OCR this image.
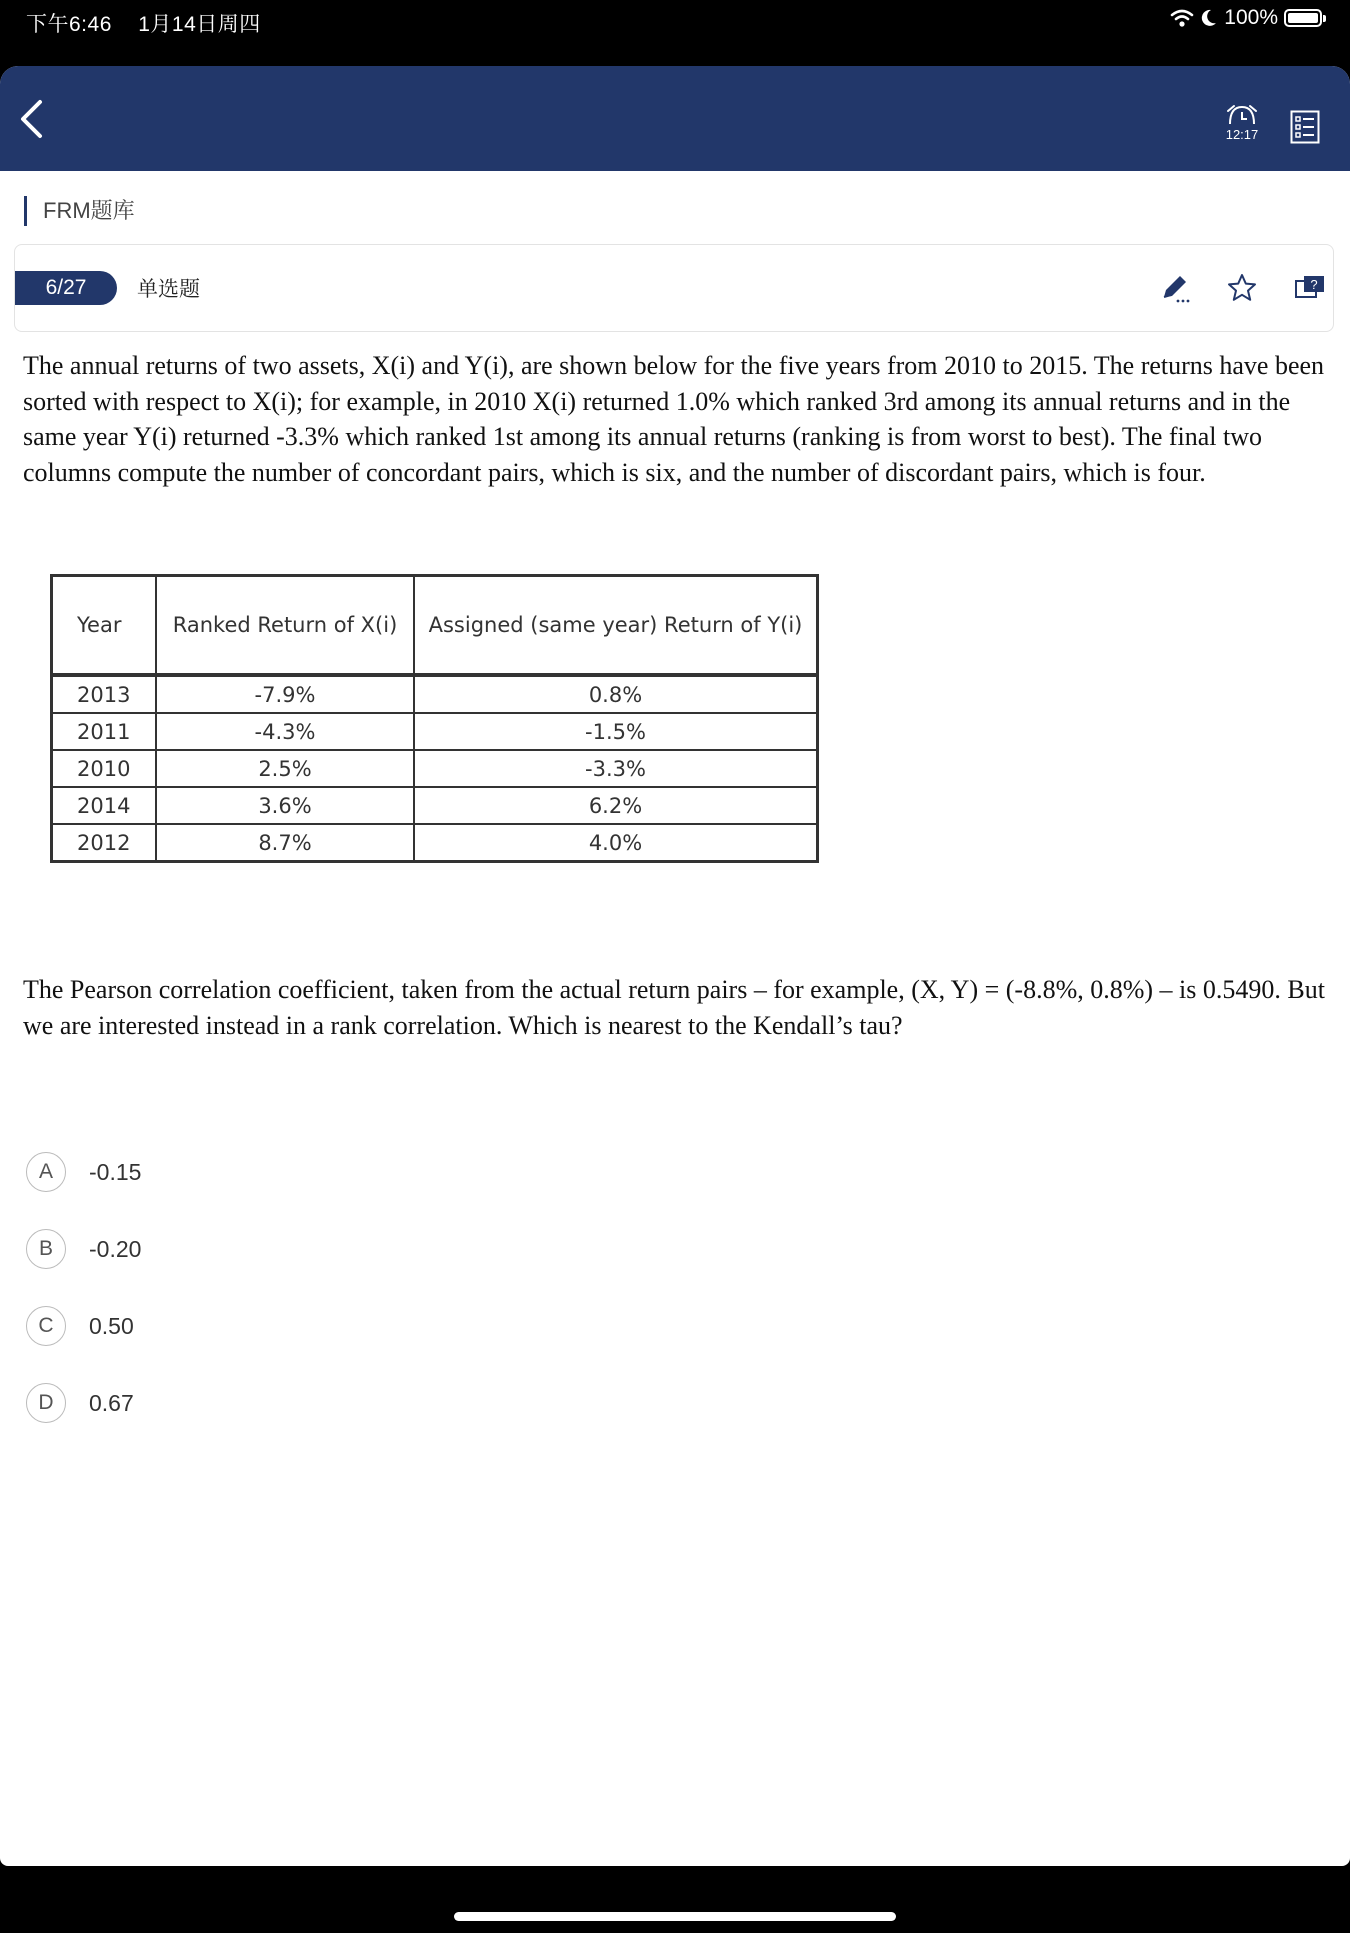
下午6:46 1月14日周四	100%
12:17
FRM题库
6/27	单选题	?

The annual returns of two assets, X(i) and Y(i), are shown below for the five years from 2010 to 2015. The returns have been sorted with respect to X(i); for example, in 2010 X(i) returned 1.0% which ranked 3rd among its annual returns and in the same year Y(i) returned -3.3% which ranked 1st among its annual returns (ranking is from worst to best). The final two columns compute the number of concordant pairs, which is six, and the number of discordant pairs, which is four.

Year	Ranked Return of X(i)	Assigned (same year) Return of Y(i)
2013	-7.9%	0.8%
2011	-4.3%	-1.5%
2010	2.5%	-3.3%
2014	3.6%	6.2%
2012	8.7%	4.0%

The Pearson correlation coefficient, taken from the actual return pairs – for example, (X, Y) = (-8.8%, 0.8%) – is 0.5490. But we are interested instead in a rank correlation. Which is nearest to the Kendall’s tau?

A	-0.15
B	-0.20
C	0.50
D	0.67
